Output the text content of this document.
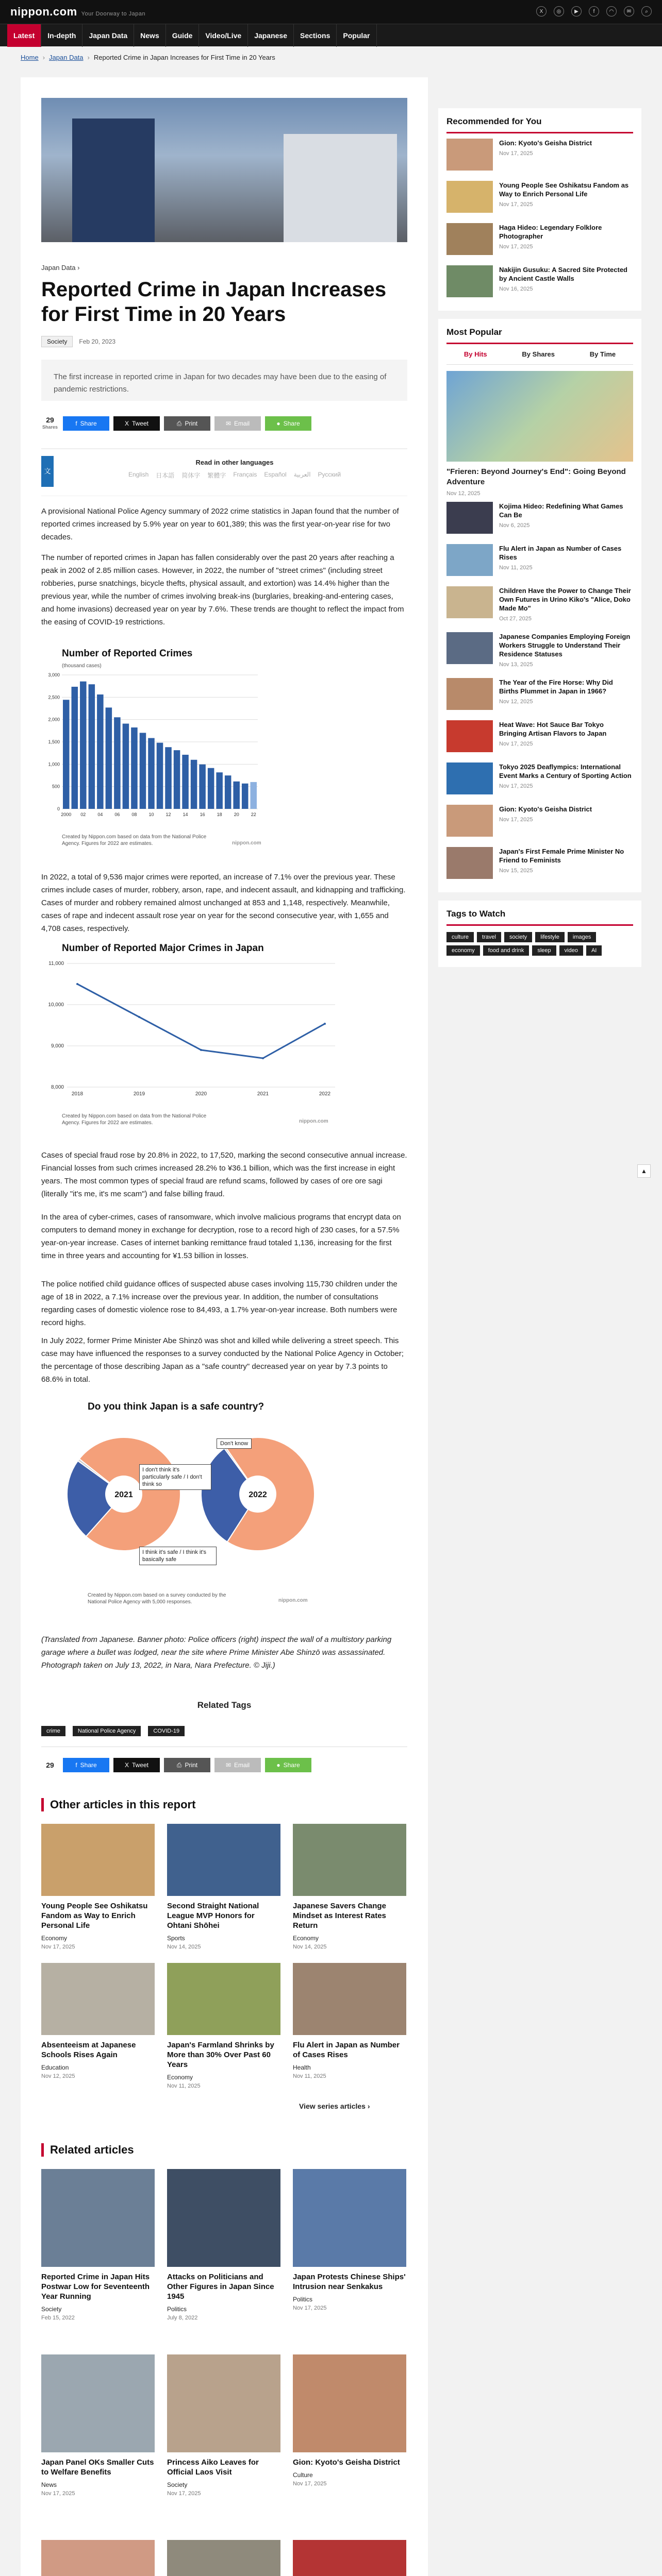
nippon.com Your Doorway to Japan	X	◎	▶	f	◠	✉	⌕
Latest	In-depth	Japan Data	News	Guide	Video/Live	Japanese	Sections	Popular
Home › Japan Data › Reported Crime in Japan Increases for First Time in 20 Years
Japan Data ›
Reported Crime in Japan Increases for First Time in 20 Years
Society	Feb 20, 2023
The first increase in reported crime in Japan for two decades may have been due to the easing of pandemic restrictions.
29
Shares	f Share	X Tweet	⎙ Print	✉ Email	● Share
文
Read in other languages
English 日本語 简体字 繁體字 Français Español العربية Русский

A provisional National Police Agency summary of 2022 crime statistics in Japan found that the number of reported crimes increased by 5.9% year on year to 601,389; this was the first year-on-year rise for two decades.

The number of reported crimes in Japan has fallen considerably over the past 20 years after reaching a peak in 2002 of 2.85 million cases. However, in 2022, the number of "street crimes" (including street robberies, purse snatchings, bicycle thefts, physical assault, and extortion) was 14.4% higher than the previous year, while the number of crimes involving break-ins (burglaries, breaking-and-entering cases, and home invasions) decreased year on year by 7.6%. These trends are thought to reflect the impact from the easing of COVID-19 restrictions.

Number of Reported Crimes
(thousand cases)
0
500
1,000
1,500
2,000
2,500
3,000
2000 02	04	06	08	10	12	14	16	18	20	22
Created by Nippon.com based on data from the National Police Agency. Figures for 2022 are estimates.	nippon.com

In 2022, a total of 9,536 major crimes were reported, an increase of 7.1% over the previous year. These crimes include cases of murder, robbery, arson, rape, and indecent assault, and kidnapping and trafficking. Cases of murder and robbery remained almost unchanged at 853 and 1,148, respectively. Meanwhile, cases of rape and indecent assault rose year on year for the second consecutive year, with 1,655 and 4,708 cases, respectively.

Number of Reported Major Crimes in Japan
8,000
9,000
10,000
11,000
2018	2019	2020	2021	2022
Created by Nippon.com based on data from the National Police Agency. Figures for 2022 are estimates.	nippon.com

Cases of special fraud rose by 20.8% in 2022, to 17,520, marking the second consecutive annual increase. Financial losses from such crimes increased 28.2% to ¥36.1 billion, which was the first increase in eight years. The most common types of special fraud are refund scams, followed by cases of ore ore sagi (literally "it's me, it's me scam") and false billing fraud.

In the area of cyber-crimes, cases of ransomware, which involve malicious programs that encrypt data on computers to demand money in exchange for decryption, rose to a record high of 230 cases, for a 57.5% year-on-year increase. Cases of internet banking remittance fraud totaled 1,136, increasing for the first time in three years and accounting for ¥1.53 billion in losses.

The police notified child guidance offices of suspected abuse cases involving 115,730 children under the age of 18 in 2022, a 7.1% increase over the previous year. In addition, the number of consultations regarding cases of domestic violence rose to 84,493, a 1.7% year-on-year increase. Both numbers were record highs.

In July 2022, former Prime Minister Abe Shinzō was shot and killed while delivering a street speech. This case may have influenced the responses to a survey conducted by the National Police Agency in October; the percentage of those describing Japan as a "safe country" decreased year on year by 7.3 points to 68.6% in total.

Do you think Japan is a safe country?
2021	2022
I don't think it's particularly safe / I don't think so
I think it's safe / I think it's basically safe
Don't know
Created by Nippon.com based on a survey conducted by the National Police Agency with 5,000 responses.	nippon.com

(Translated from Japanese. Banner photo: Police officers (right) inspect the wall of a multistory parking garage where a bullet was lodged, near the site where Prime Minister Abe Shinzō was assassinated. Photograph taken on July 13, 2022, in Nara, Nara Prefecture. © Jiji.)

Related Tags
crime	National Police Agency	COVID-19
29	f Share	X Tweet	⎙ Print	✉ Email	● Share
Other articles in this report
Young People See Oshikatsu Fandom as Way to Enrich Personal Life
Economy
Nov 17, 2025
Second Straight National League MVP Honors for Ohtani Shōhei
Sports
Nov 14, 2025
Japanese Savers Change Mindset as Interest Rates Return
Economy
Nov 14, 2025
Absenteeism at Japanese Schools Rises Again
Education
Nov 12, 2025
Japan's Farmland Shrinks by More than 30% Over Past 60 Years
Economy
Nov 11, 2025
Flu Alert in Japan as Number of Cases Rises
Health
Nov 11, 2025
View series articles ›
Related articles
Reported Crime in Japan Hits Postwar Low for Seventeenth Year Running
Society
Feb 15, 2022
Attacks on Politicians and Other Figures in Japan Since 1945
Politics
July 8, 2022
Japan Protests Chinese Ships' Intrusion near Senkakus
Politics
Nov 17, 2025
Japan Panel OKs Smaller Cuts to Welfare Benefits
News
Nov 17, 2025
Princess Aiko Leaves for Official Laos Visit
Society
Nov 17, 2025
Gion: Kyoto's Geisha District
Culture
Nov 17, 2025
Recommended for You
Gion: Kyoto's Geisha District
Nov 17, 2025
Young People See Oshikatsu Fandom as Way to Enrich Personal Life
Nov 17, 2025
Haga Hideo: Legendary Folklore Photographer
Nov 17, 2025
Nakijin Gusuku: A Sacred Site Protected by Ancient Castle Walls
Nov 16, 2025
Most Popular
By Hits	By Shares	By Time
"Frieren: Beyond Journey's End": Going Beyond Adventure
Nov 12, 2025
Kojima Hideo: Redefining What Games Can Be
Nov 6, 2025
Flu Alert in Japan as Number of Cases Rises
Nov 11, 2025
Children Have the Power to Change Their Own Futures in Urino Kiko's "Alice, Doko Made Mo"
Oct 27, 2025
Japanese Companies Employing Foreign Workers Struggle to Understand Their Residence Statuses
Nov 13, 2025
The Year of the Fire Horse: Why Did Births Plummet in Japan in 1966?
Nov 12, 2025
Heat Wave: Hot Sauce Bar Tokyo Bringing Artisan Flavors to Japan
Nov 17, 2025
Tokyo 2025 Deaflympics: International Event Marks a Century of Sporting Action
Nov 17, 2025
Gion: Kyoto's Geisha District
Nov 17, 2025
Japan's First Female Prime Minister No Friend to Feminists
Nov 15, 2025
Tags to Watch
culture travel society lifestyle imageseconomy food and drink sleep video AI
▲
